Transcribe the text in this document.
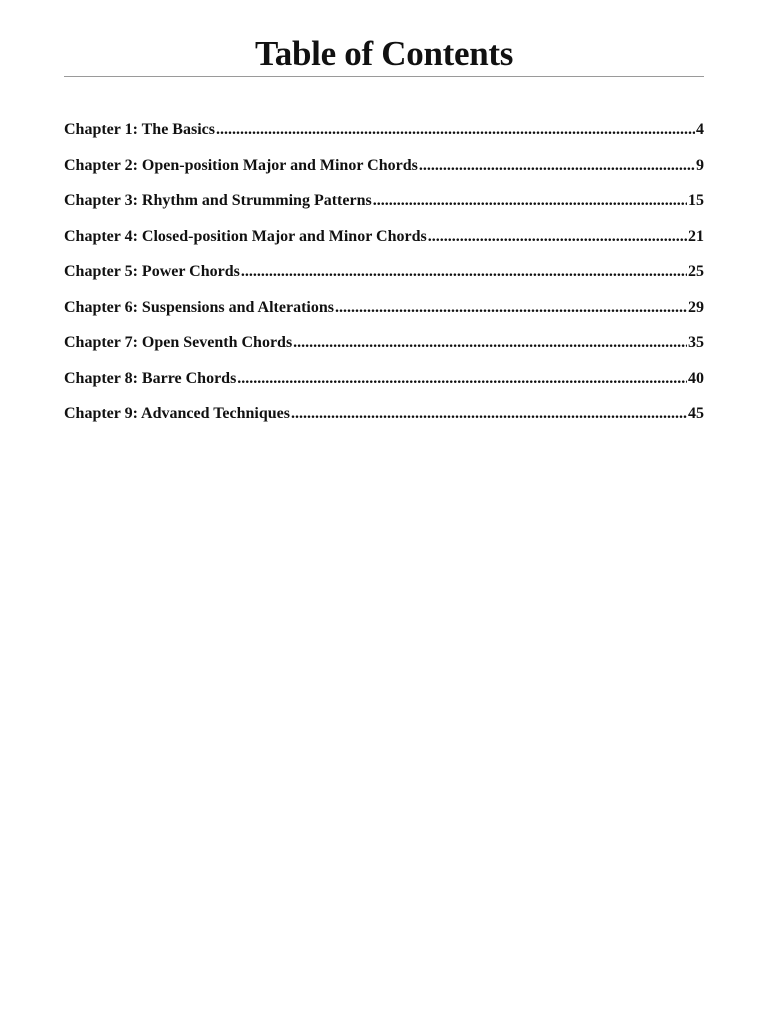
Table of Contents
Chapter 1: The Basics .....	4
Chapter 2: Open-position Major and Minor Chords .....	9
Chapter 3: Rhythm and Strumming Patterns .....	15
Chapter 4: Closed-position Major and Minor Chords .....	21
Chapter 5: Power Chords .....	25
Chapter 6: Suspensions and Alterations .....	29
Chapter 7: Open Seventh Chords .....	35
Chapter 8: Barre Chords .....	40
Chapter 9: Advanced Techniques .....	45
